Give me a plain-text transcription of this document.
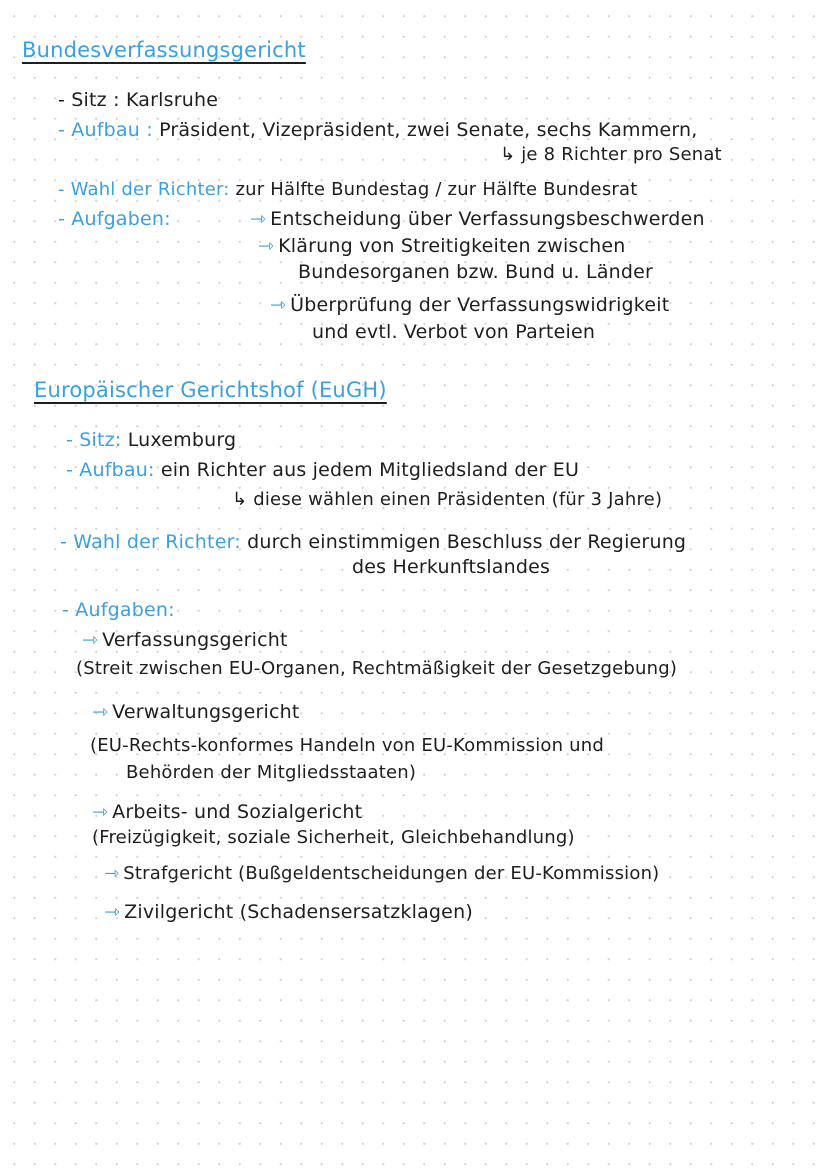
Bundesverfassungsgericht
- Sitz : Karlsruhe
- Aufbau : Präsident, Vizepräsident, zwei Senate, sechs Kammern,
↳ je 8 Richter pro Senat
- Wahl der Richter: zur Hälfte Bundestag / zur Hälfte Bundesrat
- Aufgaben:	⇾ Entscheidung über Verfassungsbeschwerden
⇾ Klärung von Streitigkeiten zwischen
Bundesorganen bzw. Bund u. Länder
⇾ Überprüfung der Verfassungswidrigkeit
und evtl. Verbot von Parteien
Europäischer Gerichtshof (EuGH)
- Sitz: Luxemburg
- Aufbau: ein Richter aus jedem Mitgliedsland der EU
↳ diese wählen einen Präsidenten (für 3 Jahre)
- Wahl der Richter: durch einstimmigen Beschluss der Regierung
des Herkunftslandes
- Aufgaben:
⇾ Verfassungsgericht
(Streit zwischen EU-Organen, Rechtmäßigkeit der Gesetzgebung)
⇾ Verwaltungsgericht
(EU-Rechts-konformes Handeln von EU-Kommission und
Behörden der Mitgliedsstaaten)
⇾ Arbeits- und Sozialgericht
(Freizügigkeit, soziale Sicherheit, Gleichbehandlung)
⇾ Strafgericht (Bußgeldentscheidungen der EU-Kommission)
⇾ Zivilgericht (Schadensersatzklagen)
